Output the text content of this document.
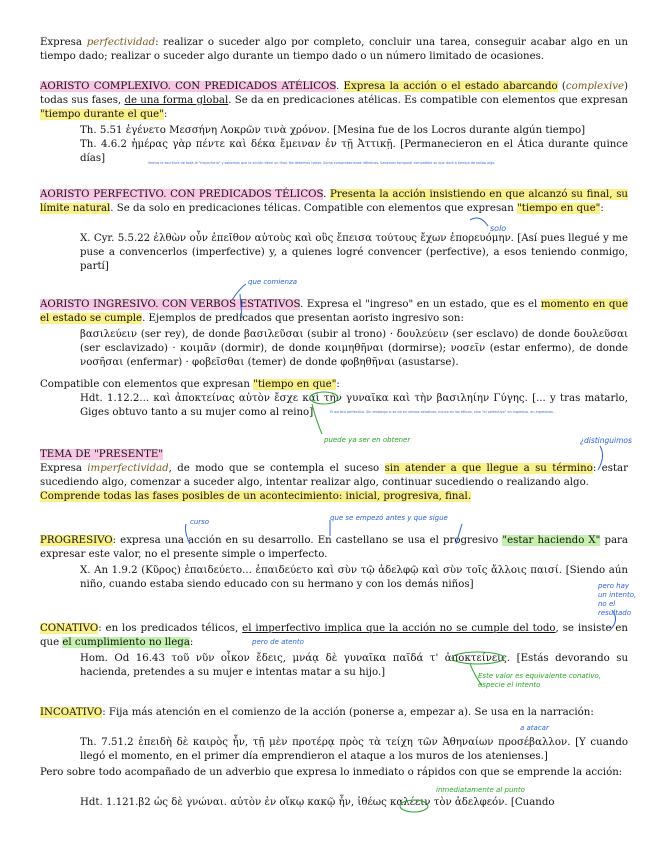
Expresa perfectividad: realizar o suceder algo por completo, concluir una tarea, conseguir acabar algo en un tiempo dado; realizar o suceder algo durante un tiempo dado o un número limitado de ocasiones.
AORISTO COMPLEXIVO. CON PREDICADOS ATÉLICOS. Expresa la acción o el estado abarcando (complexive) todas sus fases, de una forma global. Se da en predicaciones atélicas. Es compatible con elementos que expresan "tiempo durante el que":
Th. 5.51 ἐγένετο Μεσσήνη Λοκρῶν τινὰ χρόνον. [Mesina fue de los Locros durante algún tiempo]
Th. 4.6.2 ἡμέρας γὰρ πέντε καὶ δέκα ἔμειναν ἐν τῇ Ἀττικῇ. [Permanecieron en el Ática durante quince días]	Vemos la escritura de toda la "trayectoria" y sabemos que la acción tiene un final. No debemos haber. Suma comprobaciones idénticas. Sabemos temporal compatible su que duró a tiempo de salida algo.
AORISTO PERFECTIVO. CON PREDICADOS TÉLICOS. Presenta la acción insistiendo en que alcanzó su final, su límite natural. Se da solo en predicaciones télicas. Compatible con elementos que expresan "tiempo en que":
X. Cyr. 5.5.22 ἐλθὼν οὖν ἐπεῖθον αὐτοὺς καὶ οὓς ἔπεισα τούτους ἔχων ἐπορευόμην. [Así pues llegué y me puse a convencerlos (imperfective) y, a quienes logré convencer (perfective), a esos teniendo conmigo, partí]
AORISTO INGRESIVO. CON VERBOS ESTATIVOS. Expresa el "ingreso" en un estado, que es el momento en que el estado se cumple. Ejemplos de predicados que presentan aoristo ingresivo son:
βασιλεύειν (ser rey), de donde βασιλεῦσαι (subir al trono) · δουλεύειν (ser esclavo) de donde δουλεῦσαι (ser esclavizado) · κοιμᾶν (dormir), de donde κοιμηθῆναι (dormirse); νοσεῖν (estar enfermo), de donde νοσῆσαι (enfermar) · φοβεῖσθαι (temer) de donde φοβηθῆναι (asustarse).
Compatible con elementos que expresan "tiempo en que":
Hdt. 1.12.2... καὶ ἀποκτείνας αὐτὸν ἔσχε καὶ τὴν γυναῖκα καὶ τὴν βασιληίην Γύγης. [... y tras matarlo, Giges obtuvo tanto a su mujer como al reino]	El aoristo perfectivo. Sin embargo si se da en verbos estativos, nunca en los télicos, sino "el perfectivo" en ingresivo, en ingresivos.
TEMA DE "PRESENTE"
Expresa imperfectividad, de modo que se contempla el suceso sin atender a que llegue a su término: estar sucediendo algo, comenzar a suceder algo, intentar realizar algo, continuar sucediendo o realizando algo.
Comprende todas las fases posibles de un acontecimiento: inicial, progresiva, final.
PROGRESIVO: expresa una acción en su desarrollo. En castellano se usa el progresivo "estar haciendo X" para expresar este valor, no el presente simple o imperfecto.
X. An 1.9.2 (Κῦρος) ἐπαιδεύετο... ἐπαιδεύετο καὶ σὺν τῷ ἀδελφῷ καὶ σὺν τοῖς ἄλλοις παισί. [Siendo aún niño, cuando estaba siendo educado con su hermano y con los demás niños]
CONATIVO: en los predicados télicos, el imperfectivo implica que la acción no se cumple del todo, se insiste en que el cumplimiento no llega:
Hom. Od 16.43 τοῦ νῦν οἶκον ἔδεις, μνάᾳ δὲ γυναῖκα παῖδά τ' ἀποκτείνεις. [Estás devorando su hacienda, pretendes a su mujer e intentas matar a su hijo.]
INCOATIVO: Fija más atención en el comienzo de la acción (ponerse a, empezar a). Se usa en la narración:
Th. 7.51.2 ἐπειδὴ δὲ καιρὸς ἦν, τῇ μὲν προτέρᾳ πρὸς τὰ τείχη τῶν Ἀθηναίων προσέβαλλον. [Y cuando llegó el momento, en el primer día emprendieron el ataque a los muros de los atenienses.]
Pero sobre todo acompañado de un adverbio que expresa lo inmediato o rápidos con que se emprende la acción:
Hdt. 1.121.β2 ὡς δὲ γνώναι. αὐτὸν ἐν οἴκῳ κακῷ ἦν, ἰθέως καλέειν τὸν ἀδελφεόν. [Cuando
solo
que comienza
puede ya ser en obtener	¿distinguimos
curso	que se empezó antes y que sigue
pero hay un intento, no el resultado
pero de atento
Este valor es equivalente conativo, especie el intento
a atacar
inmediatamente al punto
